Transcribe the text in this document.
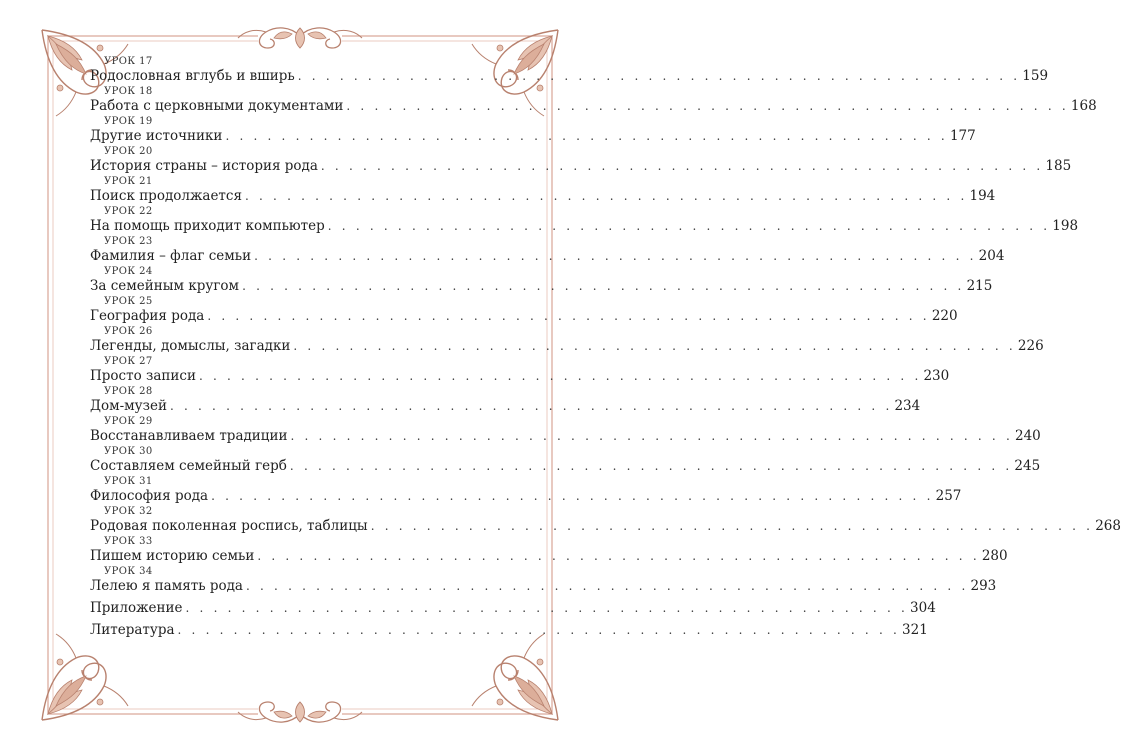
УРОК 17
Родословная вглубь и вширь . . . . . . . . . . . . . . . . . . . . . . . . . . . . . . . . . . . . . . . . . . . . . . . . . . . . 159
УРОК 18
Работа с церковными документами . . . . . . . . . . . . . . . . . . . . . . . . . . . . . . . . . . . . . . . . . . . . . . . . . . . . 168
УРОК 19
Другие источники . . . . . . . . . . . . . . . . . . . . . . . . . . . . . . . . . . . . . . . . . . . . . . . . . . . . 177
УРОК 20
История страны – история рода . . . . . . . . . . . . . . . . . . . . . . . . . . . . . . . . . . . . . . . . . . . . . . . . . . . . 185
УРОК 21
Поиск продолжается . . . . . . . . . . . . . . . . . . . . . . . . . . . . . . . . . . . . . . . . . . . . . . . . . . . . 194
УРОК 22
На помощь приходит компьютер . . . . . . . . . . . . . . . . . . . . . . . . . . . . . . . . . . . . . . . . . . . . . . . . . . . . 198
УРОК 23
Фамилия – флаг семьи . . . . . . . . . . . . . . . . . . . . . . . . . . . . . . . . . . . . . . . . . . . . . . . . . . . . 204
УРОК 24
За семейным кругом . . . . . . . . . . . . . . . . . . . . . . . . . . . . . . . . . . . . . . . . . . . . . . . . . . . . 215
УРОК 25
География рода . . . . . . . . . . . . . . . . . . . . . . . . . . . . . . . . . . . . . . . . . . . . . . . . . . . . 220
УРОК 26
Легенды, домыслы, загадки . . . . . . . . . . . . . . . . . . . . . . . . . . . . . . . . . . . . . . . . . . . . . . . . . . . . 226
УРОК 27
Просто записи . . . . . . . . . . . . . . . . . . . . . . . . . . . . . . . . . . . . . . . . . . . . . . . . . . . . 230
УРОК 28
Дом-музей . . . . . . . . . . . . . . . . . . . . . . . . . . . . . . . . . . . . . . . . . . . . . . . . . . . . 234
УРОК 29
Восстанавливаем традиции . . . . . . . . . . . . . . . . . . . . . . . . . . . . . . . . . . . . . . . . . . . . . . . . . . . . 240
УРОК 30
Составляем семейный герб . . . . . . . . . . . . . . . . . . . . . . . . . . . . . . . . . . . . . . . . . . . . . . . . . . . . 245
УРОК 31
Философия рода . . . . . . . . . . . . . . . . . . . . . . . . . . . . . . . . . . . . . . . . . . . . . . . . . . . . 257
УРОК 32
Родовая поколенная роспись, таблицы . . . . . . . . . . . . . . . . . . . . . . . . . . . . . . . . . . . . . . . . . . . . . . . . . . . . 268
УРОК 33
Пишем историю семьи . . . . . . . . . . . . . . . . . . . . . . . . . . . . . . . . . . . . . . . . . . . . . . . . . . . . 280
УРОК 34
Лелею я память рода . . . . . . . . . . . . . . . . . . . . . . . . . . . . . . . . . . . . . . . . . . . . . . . . . . . . 293
Приложение . . . . . . . . . . . . . . . . . . . . . . . . . . . . . . . . . . . . . . . . . . . . . . . . . . . . 304
Литература . . . . . . . . . . . . . . . . . . . . . . . . . . . . . . . . . . . . . . . . . . . . . . . . . . . . 321
